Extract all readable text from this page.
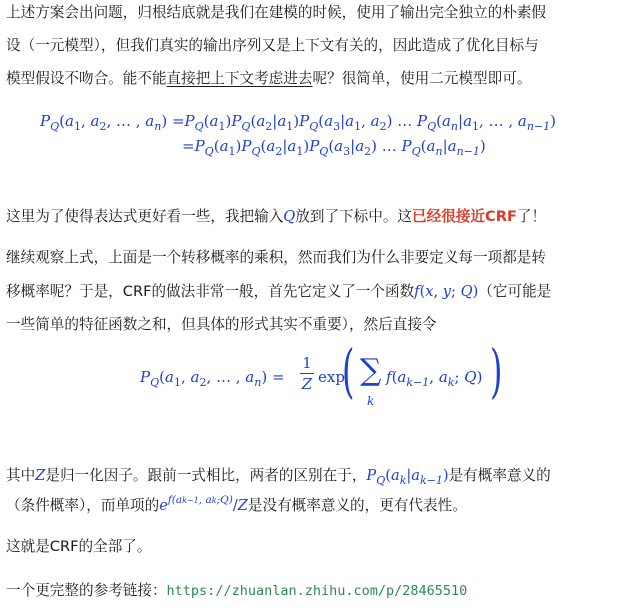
上述方案会出问题，归根结底就是我们在建模的时候，使用了输出完全独立的朴素假
设（一元模型），但我们真实的输出序列又是上下文有关的，因此造成了优化目标与
模型假设不吻合。能不能直接把上下文考虑进去呢？很简单，使用二元模型即可。
$P_Q(a_1$, $a_2$, … , $a_n) =P_Q(a_1)P_Q(a_2|a_1)P_Q(a_3|a_1$, $a_2$) … $P_Q(a_n|a_1$, … , $a_{n-1}$)
$=P_Q(a_1)P_Q(a_2|a_1)P_Q(a_3|a_2)$ … $P_Q(a_n|a_{n-1})$
这里为了使得表达式更好看一些，我把输入Q放到了下标中。这已经很接近CRF了！
继续观察上式，上面是一个转移概率的乘积，然而我们为什么非要定义每一项都是转
移概率呢？于是，CRF的做法非常一般，首先它定义了一个函数f(x, y; Q)（它可能是
一些简单的特征函数之和，但具体的形式其实不重要），然后直接令
$P_Q(a_1$, $a_2$, … , $a_n$) =
1
Z exp
( ∑
k
$f(a_{k-1}$, $a_k$; Q) )
其中Z是归一化因子。跟前一式相比，两者的区别在于，$P_Q(a_k|a_{k-1})$是有概率意义的
（条件概率），而单项的$e^{f(ak-1, ak;Q)}/Z$是没有概率意义的，更有代表性。
这就是CRF的全部了。
一个更完整的参考链接：https://zhuanlan.zhihu.com/p/28465510
